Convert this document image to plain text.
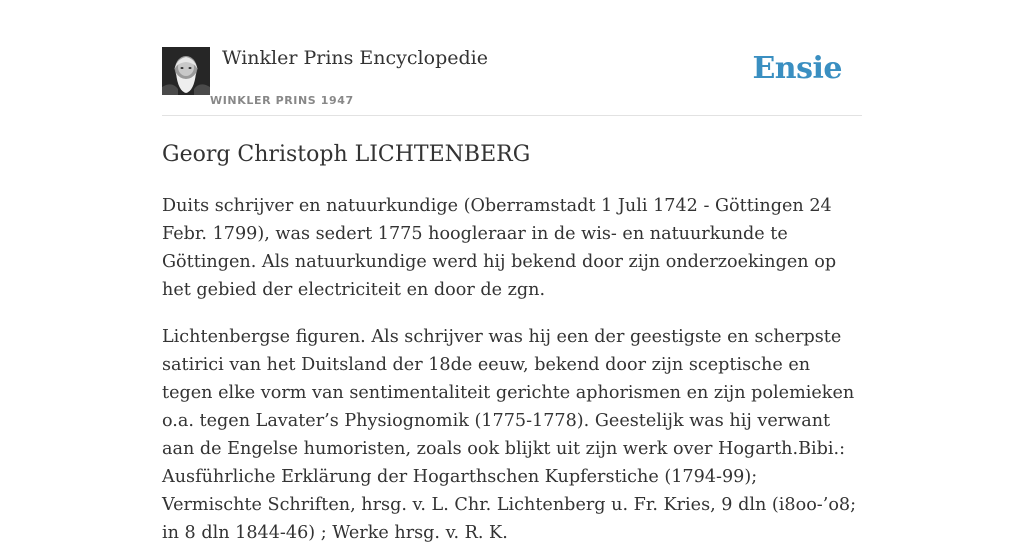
Winkler Prins Encyclopedie
WINKLER PRINS 1947
Ensie
Georg Christoph LICHTENBERG

Duits schrijver en natuurkundige (Oberramstadt 1 Juli 1742 - Göttingen 24 Febr. 1799), was sedert 1775 hoogleraar in de wis- en natuurkunde te Göttingen. Als natuurkundige werd hij bekend door zijn onderzoekingen op het gebied der electriciteit en door de zgn.

Lichtenbergse figuren. Als schrijver was hij een der geestigste en scherpste satirici van het Duitsland der 18de eeuw, bekend door zijn sceptische en tegen elke vorm van sentimentaliteit gerichte aphorismen en zijn polemieken o.a. tegen Lavater’s Physiognomik (1775-1778). Geestelijk was hij verwant aan de Engelse humoristen, zoals ook blijkt uit zijn werk over Hogarth.Bibi.: Ausführliche Erklärung der Hogarthschen Kupferstiche (1794-99); Vermischte Schriften, hrsg. v. L. Chr. Lichtenberg u. Fr. Kries, 9 dln (i8oo-’o8; in 8 dln 1844-46) ; Werke hrsg. v. R. K.
